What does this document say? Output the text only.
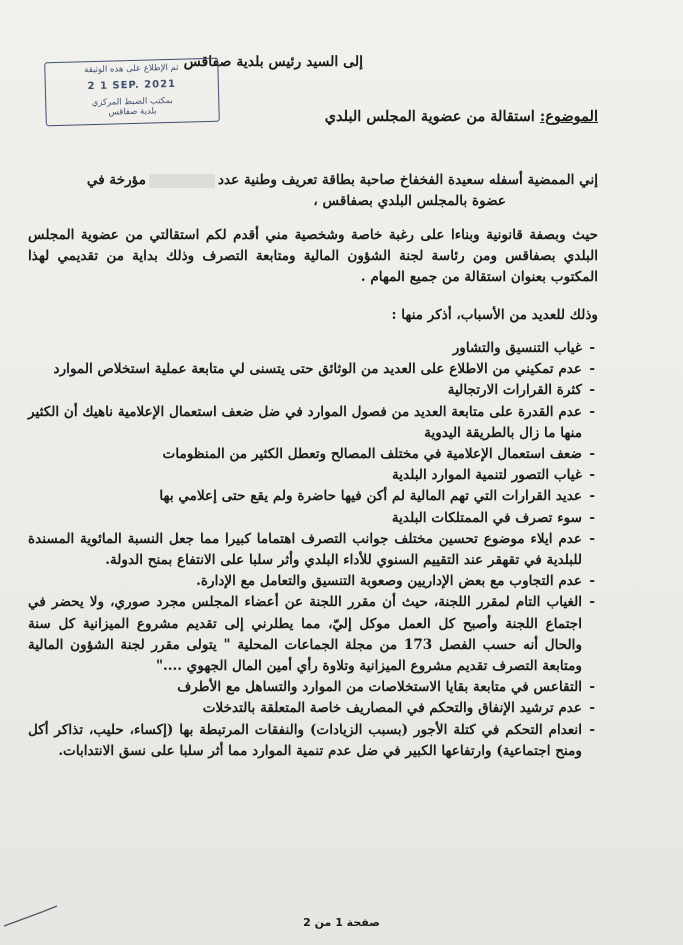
إلى السيد رئيس بلدية صفاقس
ثم الإطلاع على هذه الوثيقة
2 1 SEP. 2021
بمكتب الضبط المركزي
بلدية صفاقس	الموضوع: استقالة من عضوية المجلس البلدي
إني الممضية أسفله سعيدة الفخفاخ صاحبة بطاقة تعريف وطنية عددمؤرخة في
عضوة بالمجلس البلدي بصفاقس ،
حيث وبصفة قانونية وبناءا على رغبة خاصة وشخصية مني أقدم لكم استقالتي من عضوية المجلس البلدي بصفاقس ومن رئاسة لجنة الشؤون المالية ومتابعة التصرف وذلك بداية من تقديمي لهذا المكتوب بعنوان استقالة من جميع المهام .
وذلك للعديد من الأسباب، أذكر منها :
- غياب التنسيق والتشاور
- عدم تمكيني من الاطلاع على العديد من الوثائق حتى يتسنى لي متابعة عملية استخلاص الموارد
- كثرة القرارات الارتجالية
- عدم القدرة على متابعة العديد من فصول الموارد في ضل ضعف استعمال الإعلامية ناهيك أن الكثير منها ما زال بالطريقة اليدوية
- ضعف استعمال الإعلامية في مختلف المصالح وتعطل الكثير من المنظومات
- غياب التصور لتنمية الموارد البلدية
- عديد القرارات التي تهم المالية لم أكن فيها حاضرة ولم يقع حتى إعلامي بها
- سوء تصرف في الممتلكات البلدية
- عدم ايلاء موضوع تحسين مختلف جوانب التصرف اهتماما كبيرا مما جعل النسبة المائوية المسندة للبلدية في تقهقر عند التقييم السنوي للأداء البلدي وأثر سلبا على الانتفاع بمنح الدولة.
- عدم التجاوب مع بعض الإداريين وصعوبة التنسيق والتعامل مع الإدارة.
- الغياب التام لمقرر اللجنة، حيث أن مقرر اللجنة عن أعضاء المجلس مجرد صوري، ولا يحضر في اجتماع اللجنة وأصبح كل العمل موكل إليّ، مما يطلرني إلى تقديم مشروع الميزانية كل سنة والحال أنه حسب الفصل 173 من مجلة الجماعات المحلية " يتولى مقرر لجنة الشؤون المالية ومتابعة التصرف تقديم مشروع الميزانية وتلاوة رأي أمين المال الجهوي ...."
- التقاعس في متابعة بقايا الاستخلاصات من الموارد والتساهل مع الأطرف
- عدم ترشيد الإنفاق والتحكم في المصاريف خاصة المتعلقة بالتدخلات
- انعدام التحكم في كتلة الأجور (بسبب الزيادات) والنفقات المرتبطة بها (إكساء، حليب، تذاكر أكل ومنح اجتماعية) وارتفاعها الكبير في ضل عدم تنمية الموارد مما أثر سلبا على نسق الانتدابات.
صفحة 1 من 2
